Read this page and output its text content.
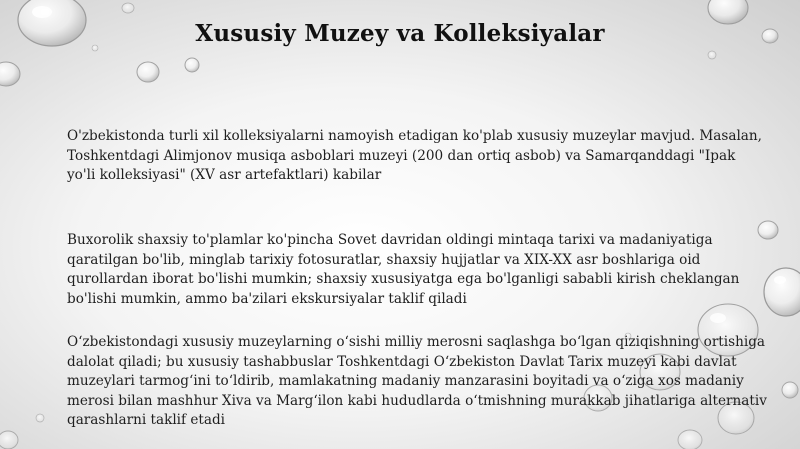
Xususiy Muzey va Kolleksiyalar

O'zbekistonda turli xil kolleksiyalarni namoyish etadigan ko'plab xususiy muzeylar mavjud. Masalan, Toshkentdagi Alimjonov musiqa asboblari muzeyi (200 dan ortiq asbob) va Samarqanddagi "Ipak yo'li kolleksiyasi" (XV asr artefaktlari) kabilar

Buxorolik shaxsiy to'plamlar ko'pincha Sovet davridan oldingi mintaqa tarixi va madaniyatiga qaratilgan bo'lib, minglab tarixiy fotosuratlar, shaxsiy hujjatlar va XIX-XX asr boshlariga oid qurollardan iborat bo'lishi mumkin; shaxsiy xususiyatga ega bo'lganligi sababli kirish cheklangan bo'lishi mumkin, ammo ba'zilari ekskursiyalar taklif qiladi

O‘zbekistondagi xususiy muzeylarning o‘sishi milliy merosni saqlashga bo‘lgan qiziqishning ortishiga dalolat qiladi; bu xususiy tashabbuslar Toshkentdagi O‘zbekiston Davlat Tarix muzeyi kabi davlat muzeylari tarmog‘ini to‘ldirib, mamlakatning madaniy manzarasini boyitadi va o‘ziga xos madaniy merosi bilan mashhur Xiva va Marg‘ilon kabi hududlarda o‘tmishning murakkab jihatlariga alternativ qarashlarni taklif etadi
